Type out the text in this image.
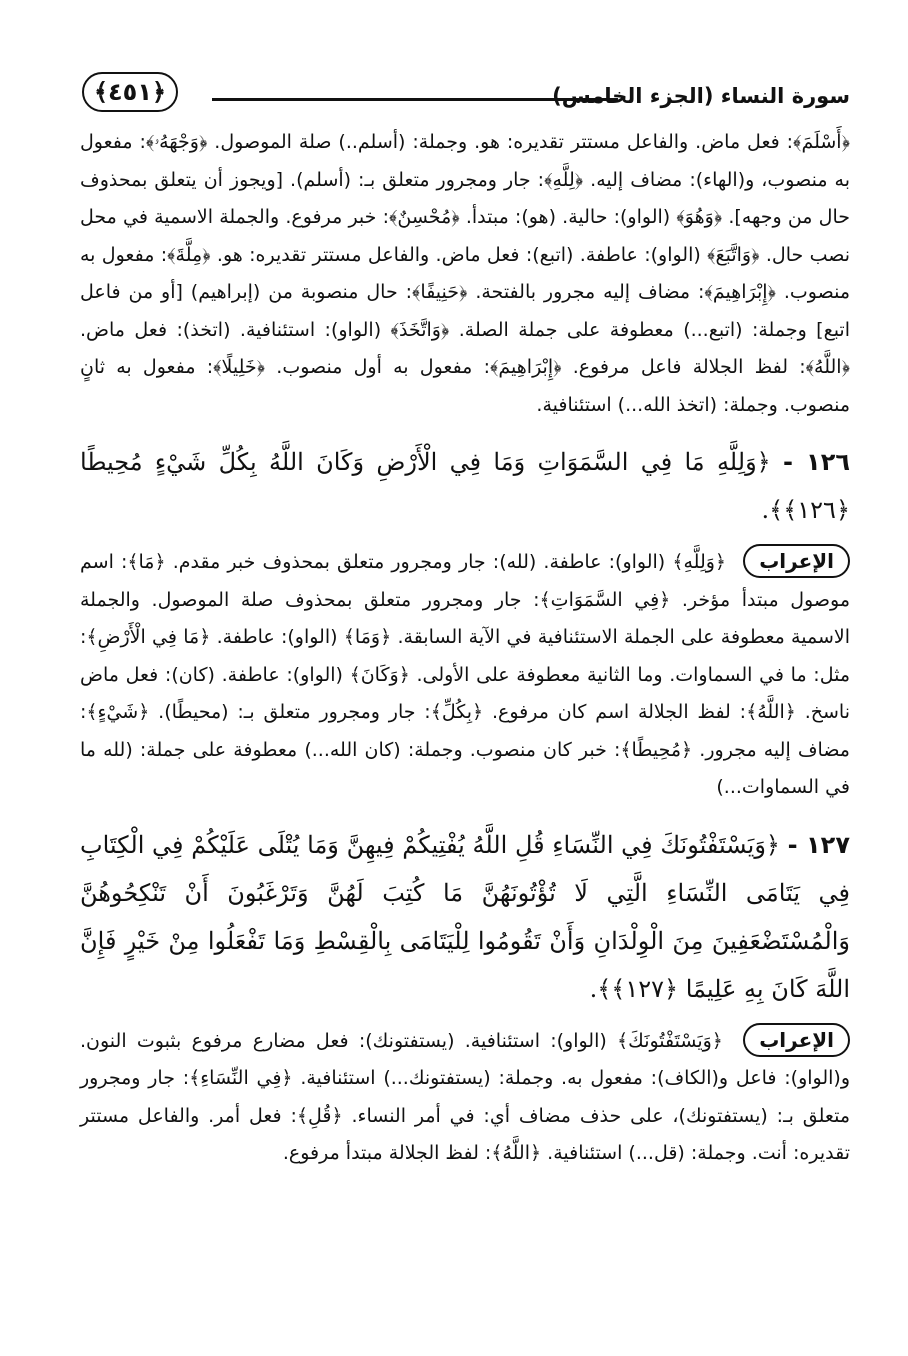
سورة النساء (الجزء الخامس)
﴿٤٥١﴾

﴿أَسْلَمَ﴾: فعل ماض. والفاعل مستتر تقديره: هو. وجملة: (أسلم..) صلة الموصول. ﴿وَجْهَهُۥ﴾: مفعول به منصوب، و(الهاء): مضاف إليه. ﴿لِلَّهِ﴾: جار ومجرور متعلق بـ: (أسلم). [ويجوز أن يتعلق بمحذوف حال من وجهه]. ﴿وَهُوَ﴾ (الواو): حالية. (هو): مبتدأ. ﴿مُحْسِنٌ﴾: خبر مرفوع. والجملة الاسمية في محل نصب حال. ﴿وَاتَّبَعَ﴾ (الواو): عاطفة. (اتبع): فعل ماض. والفاعل مستتر تقديره: هو. ﴿مِلَّةَ﴾: مفعول به منصوب. ﴿إِبْرَاهِيمَ﴾: مضاف إليه مجرور بالفتحة. ﴿حَنِيفًا﴾: حال منصوبة من (إبراهيم) [أو من فاعل اتبع] وجملة: (اتبع...) معطوفة على جملة الصلة. ﴿وَاتَّخَذَ﴾ (الواو): استئنافية. (اتخذ): فعل ماض. ﴿اللَّهُ﴾: لفظ الجلالة فاعل مرفوع. ﴿إِبْرَاهِيمَ﴾: مفعول به أول منصوب. ﴿خَلِيلًا﴾: مفعول به ثانٍ منصوب. وجملة: (اتخذ الله...) استئنافية.

١٢٦ - ﴿وَلِلَّهِ مَا فِي السَّمَوَاتِ وَمَا فِي الْأَرْضِ وَكَانَ اللَّهُ بِكُلِّ شَيْءٍ مُحِيطًا ﴿١٢٦﴾﴾.

الإعراب ﴿وَلِلَّهِ﴾ (الواو): عاطفة. (لله): جار ومجرور متعلق بمحذوف خبر مقدم. ﴿مَا﴾: اسم موصول مبتدأ مؤخر. ﴿فِي السَّمَوَاتِ﴾: جار ومجرور متعلق بمحذوف صلة الموصول. والجملة الاسمية معطوفة على الجملة الاستئنافية في الآية السابقة. ﴿وَمَا﴾ (الواو): عاطفة. ﴿مَا فِي الْأَرْضِ﴾: مثل: ما في السماوات. وما الثانية معطوفة على الأولى. ﴿وَكَانَ﴾ (الواو): عاطفة. (كان): فعل ماض ناسخ. ﴿اللَّهُ﴾: لفظ الجلالة اسم كان مرفوع. ﴿بِكُلِّ﴾: جار ومجرور متعلق بـ: (محيطًا). ﴿شَيْءٍ﴾: مضاف إليه مجرور. ﴿مُحِيطًا﴾: خبر كان منصوب. وجملة: (كان الله...) معطوفة على جملة: (لله ما في السماوات...)

١٢٧ - ﴿وَيَسْتَفْتُونَكَ فِي النِّسَاءِ قُلِ اللَّهُ يُفْتِيكُمْ فِيهِنَّ وَمَا يُتْلَى عَلَيْكُمْ فِي الْكِتَابِ فِي يَتَامَى النِّسَاءِ الَّتِي لَا تُؤْتُونَهُنَّ مَا كُتِبَ لَهُنَّ وَتَرْغَبُونَ أَنْ تَنْكِحُوهُنَّ وَالْمُسْتَضْعَفِينَ مِنَ الْوِلْدَانِ وَأَنْ تَقُومُوا لِلْيَتَامَى بِالْقِسْطِ وَمَا تَفْعَلُوا مِنْ خَيْرٍ فَإِنَّ اللَّهَ كَانَ بِهِ عَلِيمًا ﴿١٢٧﴾﴾.

الإعراب ﴿وَيَسْتَفْتُونَكَ﴾ (الواو): استئنافية. (يستفتونك): فعل مضارع مرفوع بثبوت النون. و(الواو): فاعل و(الكاف): مفعول به. وجملة: (يستفتونك...) استئنافية. ﴿فِي النِّسَاءِ﴾: جار ومجرور متعلق بـ: (يستفتونك)، على حذف مضاف أي: في أمر النساء. ﴿قُلِ﴾: فعل أمر. والفاعل مستتر تقديره: أنت. وجملة: (قل...) استئنافية. ﴿اللَّهُ﴾: لفظ الجلالة مبتدأ مرفوع.
